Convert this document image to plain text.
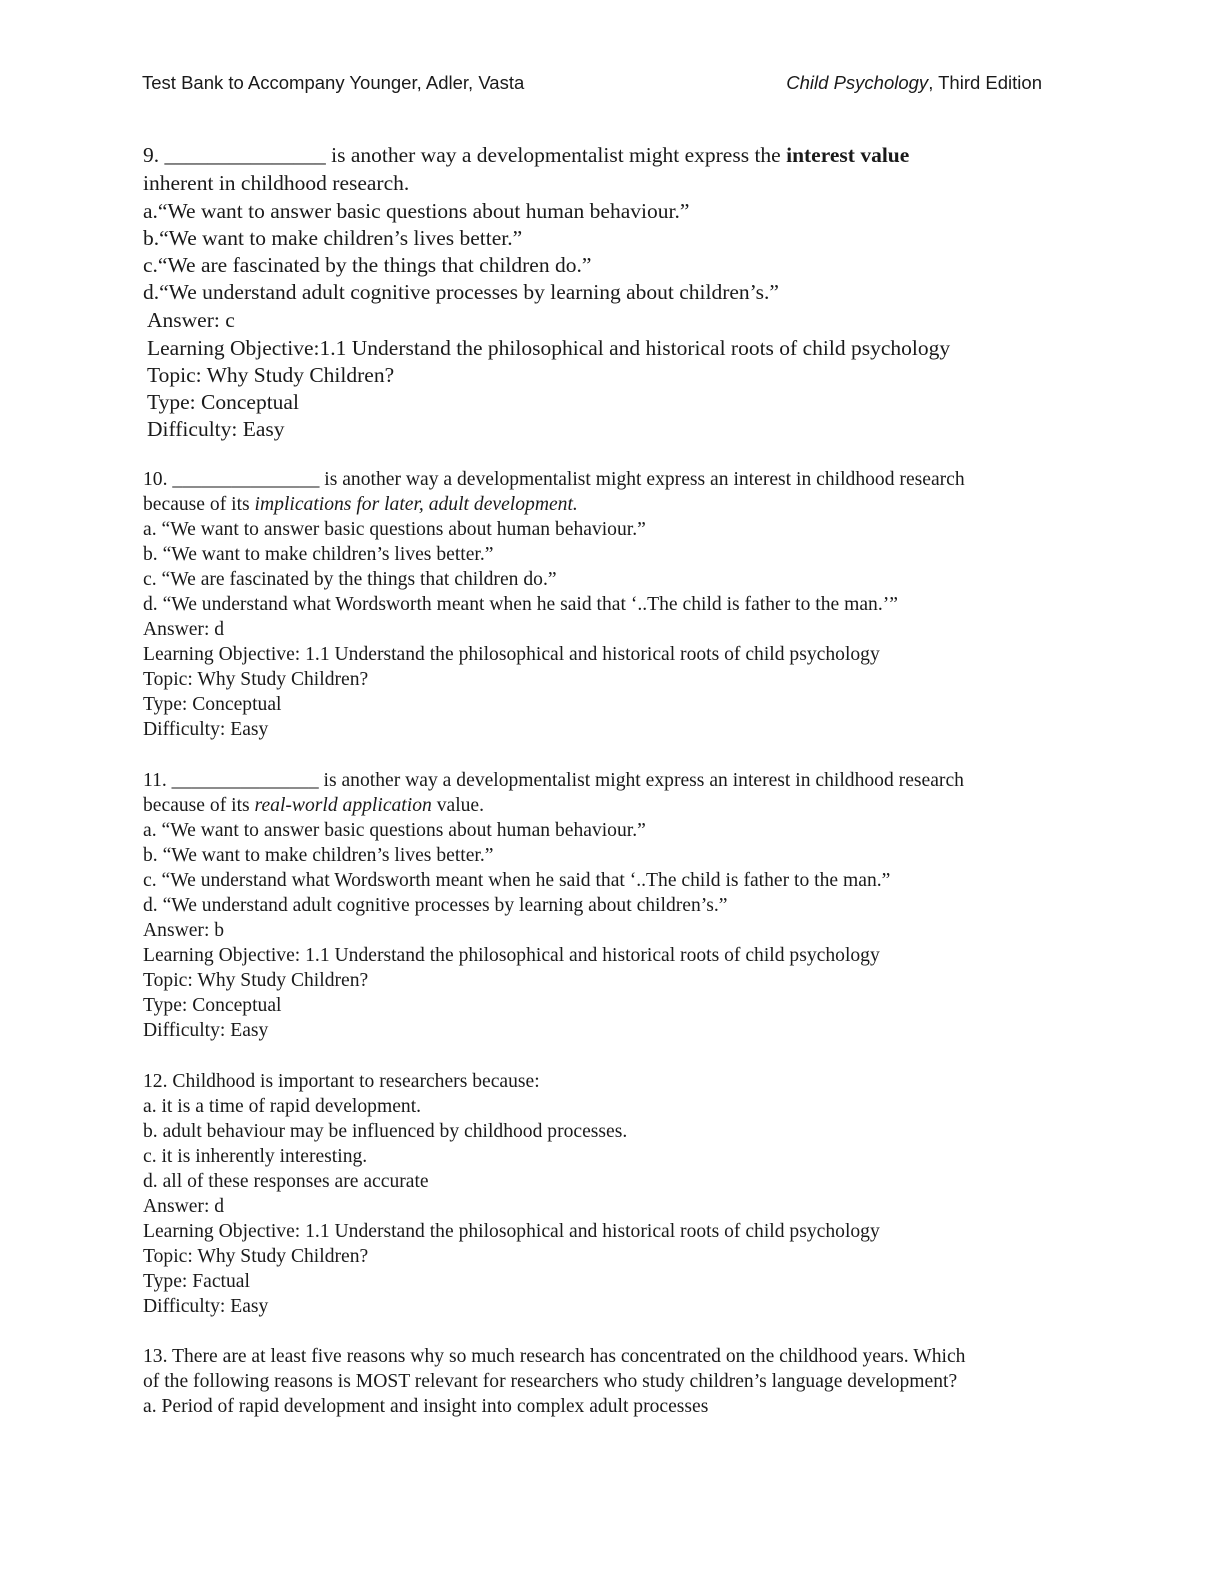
Test Bank to Accompany Younger, Adler, Vasta	Child Psychology, Third Edition
9. _______________ is another way a developmentalist might express the interest value
inherent in childhood research.
a.“We want to answer basic questions about human behaviour.”
b.“We want to make children’s lives better.”
c.“We are fascinated by the things that children do.”
d.“We understand adult cognitive processes by learning about children’s.”
Answer: c
Learning Objective:1.1 Understand the philosophical and historical roots of child psychology
Topic: Why Study Children?
Type: Conceptual
Difficulty: Easy
10. _______________ is another way a developmentalist might express an interest in childhood research
because of its implications for later, adult development.
a. “We want to answer basic questions about human behaviour.”
b. “We want to make children’s lives better.”
c. “We are fascinated by the things that children do.”
d. “We understand what Wordsworth meant when he said that ‘..The child is father to the man.’”
Answer: d
Learning Objective: 1.1 Understand the philosophical and historical roots of child psychology
Topic: Why Study Children?
Type: Conceptual
Difficulty: Easy
11. _______________ is another way a developmentalist might express an interest in childhood research
because of its real-world application value.
a. “We want to answer basic questions about human behaviour.”
b. “We want to make children’s lives better.”
c. “We understand what Wordsworth meant when he said that ‘..The child is father to the man.”
d. “We understand adult cognitive processes by learning about children’s.”
Answer: b
Learning Objective: 1.1 Understand the philosophical and historical roots of child psychology
Topic: Why Study Children?
Type: Conceptual
Difficulty: Easy
12. Childhood is important to researchers because:
a. it is a time of rapid development.
b. adult behaviour may be influenced by childhood processes.
c. it is inherently interesting.
d. all of these responses are accurate
Answer: d
Learning Objective: 1.1 Understand the philosophical and historical roots of child psychology
Topic: Why Study Children?
Type: Factual
Difficulty: Easy
13. There are at least five reasons why so much research has concentrated on the childhood years. Which
of the following reasons is MOST relevant for researchers who study children’s language development?
a. Period of rapid development and insight into complex adult processes
